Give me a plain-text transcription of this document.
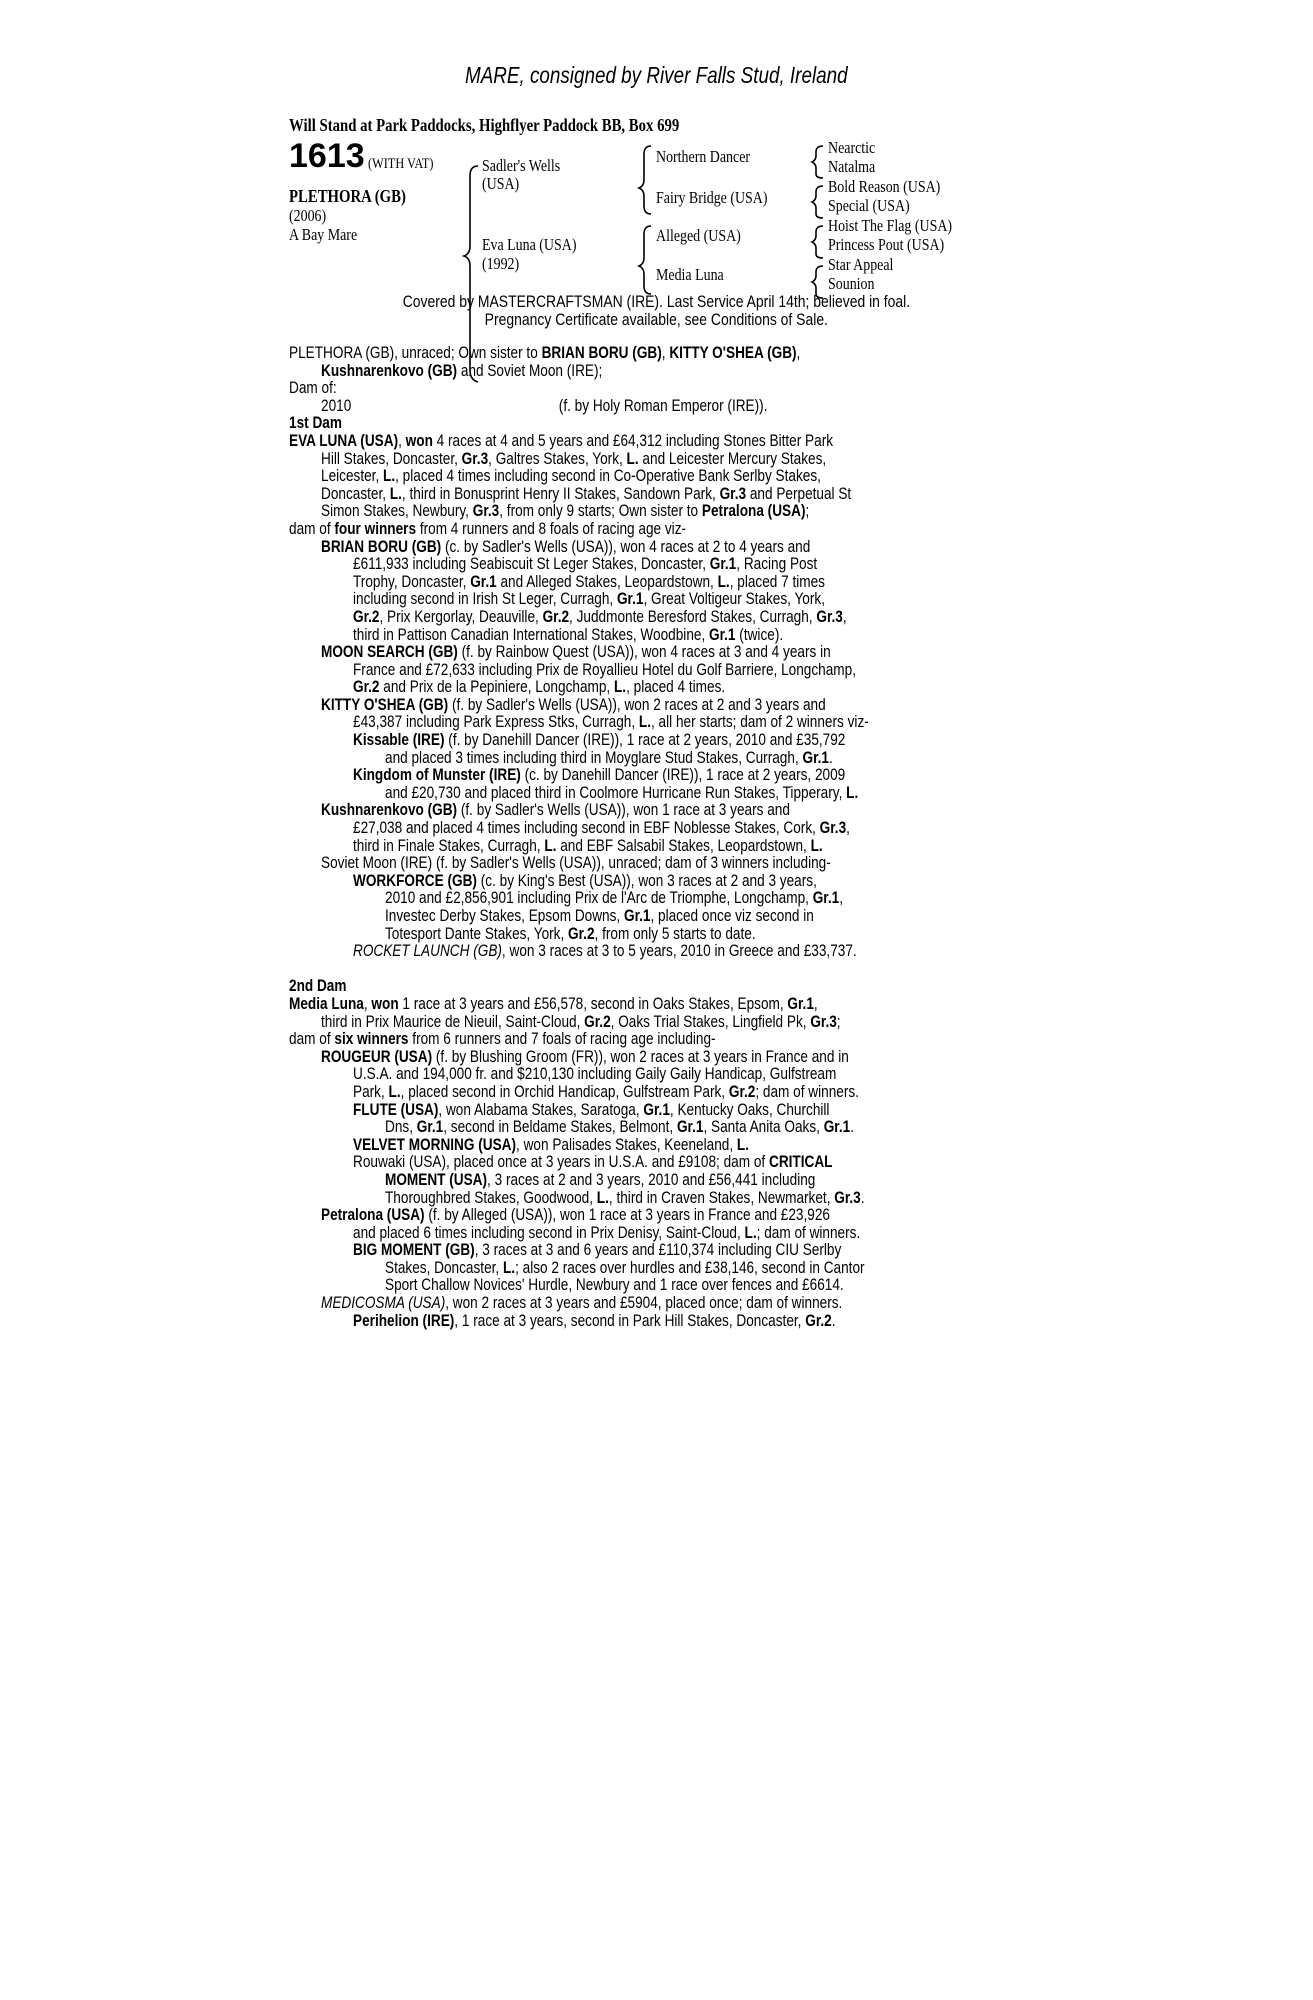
MARE, consigned by River Falls Stud, Ireland
Will Stand at Park Paddocks, Highflyer Paddock BB, Box 699
1613 (WITH VAT)
PLETHORA (GB)
(2006)
A Bay Mare
Sadler's Wells
(USA)
Eva Luna (USA)
(1992)
Northern Dancer
Fairy Bridge (USA)
Alleged (USA)
Media Luna
Nearctic
Natalma
Bold Reason (USA)
Special (USA)
Hoist The Flag (USA)
Princess Pout (USA)
Star Appeal
Sounion
Covered by MASTERCRAFTSMAN (IRE). Last Service April 14th; believed in foal.
Pregnancy Certificate available, see Conditions of Sale.
PLETHORA (GB), unraced; Own sister to BRIAN BORU (GB), KITTY O'SHEA (GB),
Kushnarenkovo (GB) and Soviet Moon (IRE);
Dam of:
2010	(f. by Holy Roman Emperor (IRE)).
1st Dam
EVA LUNA (USA), won 4 races at 4 and 5 years and £64,312 including Stones Bitter Park
Hill Stakes, Doncaster, Gr.3, Galtres Stakes, York, L. and Leicester Mercury Stakes,
Leicester, L., placed 4 times including second in Co-Operative Bank Serlby Stakes,
Doncaster, L., third in Bonusprint Henry II Stakes, Sandown Park, Gr.3 and Perpetual St
Simon Stakes, Newbury, Gr.3, from only 9 starts; Own sister to Petralona (USA);
dam of four winners from 4 runners and 8 foals of racing age viz-
BRIAN BORU (GB) (c. by Sadler's Wells (USA)), won 4 races at 2 to 4 years and
£611,933 including Seabiscuit St Leger Stakes, Doncaster, Gr.1, Racing Post
Trophy, Doncaster, Gr.1 and Alleged Stakes, Leopardstown, L., placed 7 times
including second in Irish St Leger, Curragh, Gr.1, Great Voltigeur Stakes, York,
Gr.2, Prix Kergorlay, Deauville, Gr.2, Juddmonte Beresford Stakes, Curragh, Gr.3,
third in Pattison Canadian International Stakes, Woodbine, Gr.1 (twice).
MOON SEARCH (GB) (f. by Rainbow Quest (USA)), won 4 races at 3 and 4 years in
France and £72,633 including Prix de Royallieu Hotel du Golf Barriere, Longchamp,
Gr.2 and Prix de la Pepiniere, Longchamp, L., placed 4 times.
KITTY O'SHEA (GB) (f. by Sadler's Wells (USA)), won 2 races at 2 and 3 years and
£43,387 including Park Express Stks, Curragh, L., all her starts; dam of 2 winners viz-
Kissable (IRE) (f. by Danehill Dancer (IRE)), 1 race at 2 years, 2010 and £35,792
and placed 3 times including third in Moyglare Stud Stakes, Curragh, Gr.1.
Kingdom of Munster (IRE) (c. by Danehill Dancer (IRE)), 1 race at 2 years, 2009
and £20,730 and placed third in Coolmore Hurricane Run Stakes, Tipperary, L.
Kushnarenkovo (GB) (f. by Sadler's Wells (USA)), won 1 race at 3 years and
£27,038 and placed 4 times including second in EBF Noblesse Stakes, Cork, Gr.3,
third in Finale Stakes, Curragh, L. and EBF Salsabil Stakes, Leopardstown, L.
Soviet Moon (IRE) (f. by Sadler's Wells (USA)), unraced; dam of 3 winners including-
WORKFORCE (GB) (c. by King's Best (USA)), won 3 races at 2 and 3 years,
2010 and £2,856,901 including Prix de l'Arc de Triomphe, Longchamp, Gr.1,
Investec Derby Stakes, Epsom Downs, Gr.1, placed once viz second in
Totesport Dante Stakes, York, Gr.2, from only 5 starts to date.
ROCKET LAUNCH (GB), won 3 races at 3 to 5 years, 2010 in Greece and £33,737.
2nd Dam
Media Luna, won 1 race at 3 years and £56,578, second in Oaks Stakes, Epsom, Gr.1,
third in Prix Maurice de Nieuil, Saint-Cloud, Gr.2, Oaks Trial Stakes, Lingfield Pk, Gr.3;
dam of six winners from 6 runners and 7 foals of racing age including-
ROUGEUR (USA) (f. by Blushing Groom (FR)), won 2 races at 3 years in France and in
U.S.A. and 194,000 fr. and $210,130 including Gaily Gaily Handicap, Gulfstream
Park, L., placed second in Orchid Handicap, Gulfstream Park, Gr.2; dam of winners.
FLUTE (USA), won Alabama Stakes, Saratoga, Gr.1, Kentucky Oaks, Churchill
Dns, Gr.1, second in Beldame Stakes, Belmont, Gr.1, Santa Anita Oaks, Gr.1.
VELVET MORNING (USA), won Palisades Stakes, Keeneland, L.
Rouwaki (USA), placed once at 3 years in U.S.A. and £9108; dam of CRITICAL
MOMENT (USA), 3 races at 2 and 3 years, 2010 and £56,441 including
Thoroughbred Stakes, Goodwood, L., third in Craven Stakes, Newmarket, Gr.3.
Petralona (USA) (f. by Alleged (USA)), won 1 race at 3 years in France and £23,926
and placed 6 times including second in Prix Denisy, Saint-Cloud, L.; dam of winners.
BIG MOMENT (GB), 3 races at 3 and 6 years and £110,374 including CIU Serlby
Stakes, Doncaster, L.; also 2 races over hurdles and £38,146, second in Cantor
Sport Challow Novices' Hurdle, Newbury and 1 race over fences and £6614.
MEDICOSMA (USA), won 2 races at 3 years and £5904, placed once; dam of winners.
Perihelion (IRE), 1 race at 3 years, second in Park Hill Stakes, Doncaster, Gr.2.
